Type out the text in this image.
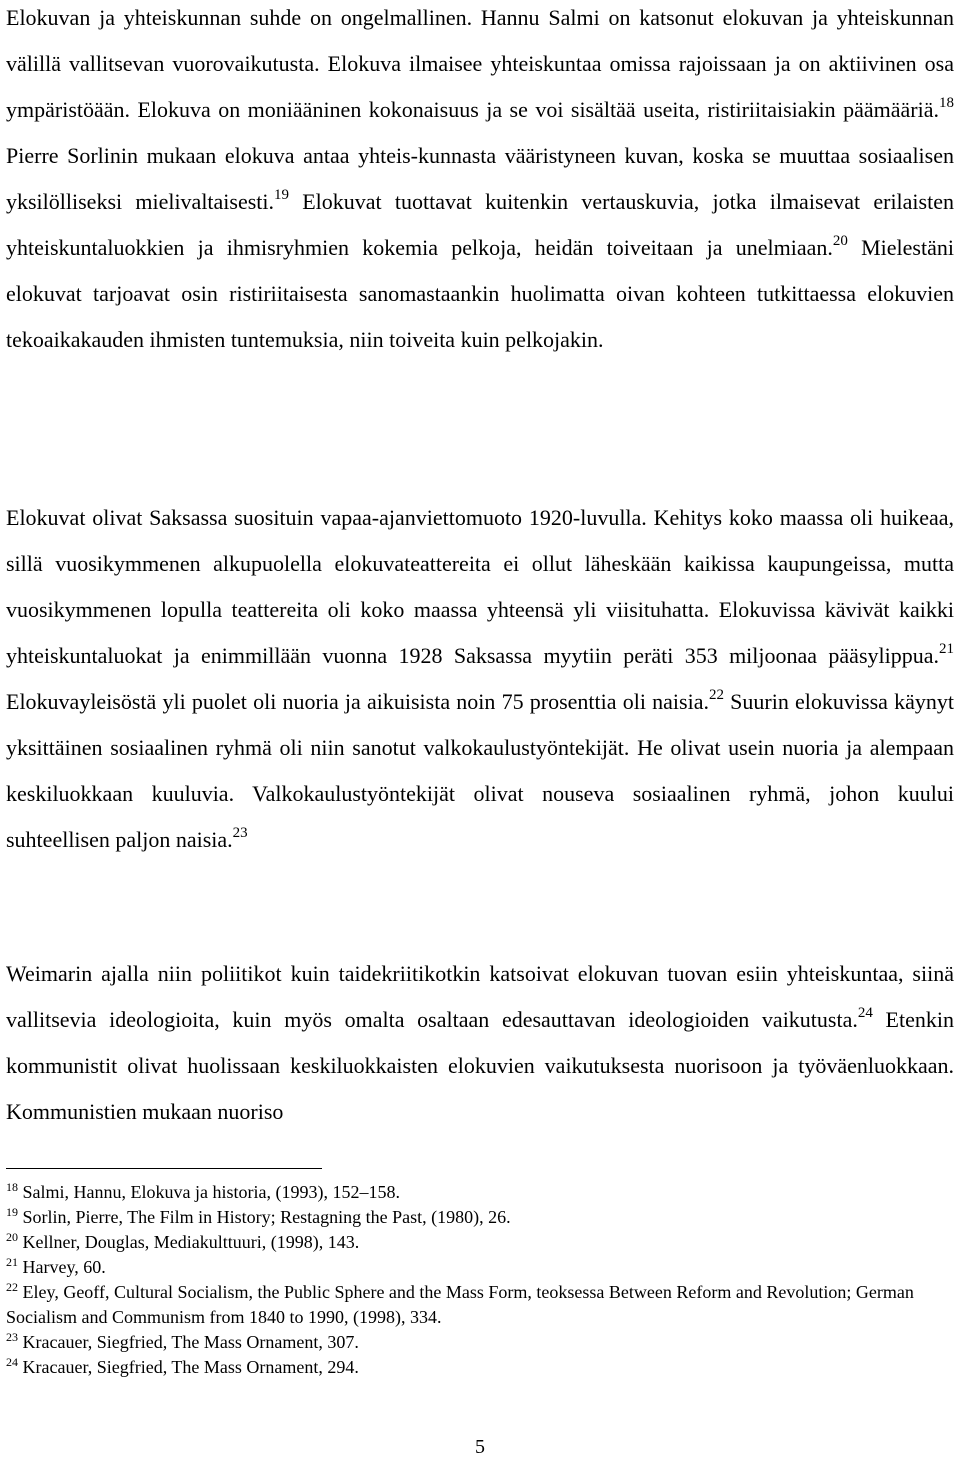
Elokuvan ja yhteiskunnan suhde on ongelmallinen. Hannu Salmi on katsonut elokuvan ja yhteiskunnan välillä vallitsevan vuorovaikutusta. Elokuva ilmaisee yhteiskuntaa omissa rajoissaan ja on aktiivinen osa ympäristöään. Elokuva on moniääninen kokonaisuus ja se voi sisältää useita, ristiriitaisiakin päämääriä.$^{18}$ Pierre Sorlinin mukaan elokuva antaa yhteis-kunnasta vääristyneen kuvan, koska se muuttaa sosiaalisen yksilölliseksi mielivaltaisesti.$^{19}$ Elokuvat tuottavat kuitenkin vertauskuvia, jotka ilmaisevat erilaisten yhteiskuntaluokkien ja ihmisryhmien kokemia pelkoja, heidän toiveitaan ja unelmiaan.$^{20}$ Mielestäni elokuvat tarjoavat osin ristiriitaisesta sanomastaankin huolimatta oivan kohteen tutkittaessa elokuvien tekoaikakauden ihmisten tuntemuksia, niin toiveita kuin pelkojakin.

Elokuvat olivat Saksassa suosituin vapaa-ajanviettomuoto 1920-luvulla. Kehitys koko maassa oli huikeaa, sillä vuosikymmenen alkupuolella elokuvateattereita ei ollut läheskään kaikissa kaupungeissa, mutta vuosikymmenen lopulla teattereita oli koko maassa yhteensä yli viisituhatta. Elokuvissa kävivät kaikki yhteiskuntaluokat ja enimmillään vuonna 1928 Saksassa myytiin peräti 353 miljoonaa pääsylippua.$^{21}$ Elokuvayleisöstä yli puolet oli nuoria ja aikuisista noin 75 prosenttia oli naisia.$^{22}$ Suurin elokuvissa käynyt yksittäinen sosiaalinen ryhmä oli niin sanotut valkokaulustyöntekijät. He olivat usein nuoria ja alempaan keskiluokkaan kuuluvia. Valkokaulustyöntekijät olivat nouseva sosiaalinen ryhmä, johon kuului suhteellisen paljon naisia.$^{23}$

Weimarin ajalla niin poliitikot kuin taidekriitikotkin katsoivat elokuvan tuovan esiin yhteiskuntaa, siinä vallitsevia ideologioita, kuin myös omalta osaltaan edesauttavan ideologioiden vaikutusta.$^{24}$ Etenkin kommunistit olivat huolissaan keskiluokkaisten elokuvien vaikutuksesta nuorisoon ja työväenluokkaan. Kommunistien mukaan nuoriso

$^{18}$ Salmi, Hannu, Elokuva ja historia, (1993), 152–158.

$^{19}$ Sorlin, Pierre, The Film in History; Restagning the Past, (1980), 26.

$^{20}$ Kellner, Douglas, Mediakulttuuri, (1998), 143.

$^{21}$ Harvey, 60.

$^{22}$ Eley, Geoff, Cultural Socialism, the Public Sphere and the Mass Form, teoksessa Between Reform and Revolution; German Socialism and Communism from 1840 to 1990, (1998), 334.

$^{23}$ Kracauer, Siegfried, The Mass Ornament, 307.

$^{24}$ Kracauer, Siegfried, The Mass Ornament, 294.

5
